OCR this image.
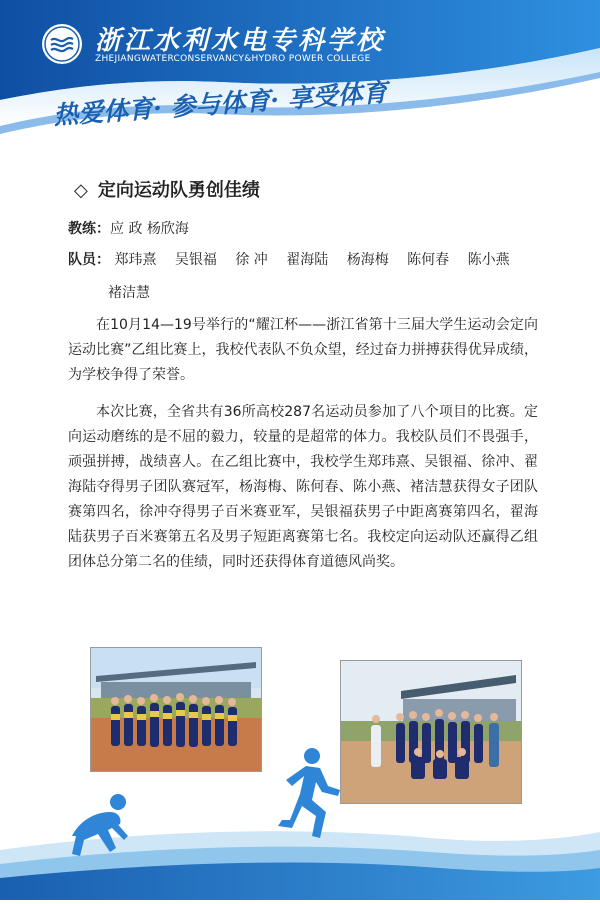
浙江水利水电专科学校
ZHEJIANGWATERCONSERVANCY&HYDRO POWER COLLEGE
热爱体育· 参与体育· 享受体育
◇ 定向运动队勇创佳绩
教练：应 政 杨欣海
队员： 郑玮熹 吴银福 徐 冲 翟海陆 杨海梅 陈何春 陈小燕
褚洁慧
在10月14—19号举行的“耀江杯——浙江省第十三届大学生运动会定向运动比赛”乙组比赛上，我校代表队不负众望，经过奋力拼搏获得优异成绩，为学校争得了荣誉。
本次比赛，全省共有36所高校287名运动员参加了八个项目的比赛。定向运动磨练的是不屈的毅力，较量的是超常的体力。我校队员们不畏强手，顽强拼搏，战绩喜人。在乙组比赛中，我校学生郑玮熹、吴银福、徐冲、翟海陆夺得男子团队赛冠军，杨海梅、陈何春、陈小燕、褚洁慧获得女子团队赛第四名，徐冲夺得男子百米赛亚军，吴银福获男子中距离赛第四名，翟海陆获男子百米赛第五名及男子短距离赛第七名。我校定向运动队还赢得乙组团体总分第二名的佳绩，同时还获得体育道德风尚奖。
